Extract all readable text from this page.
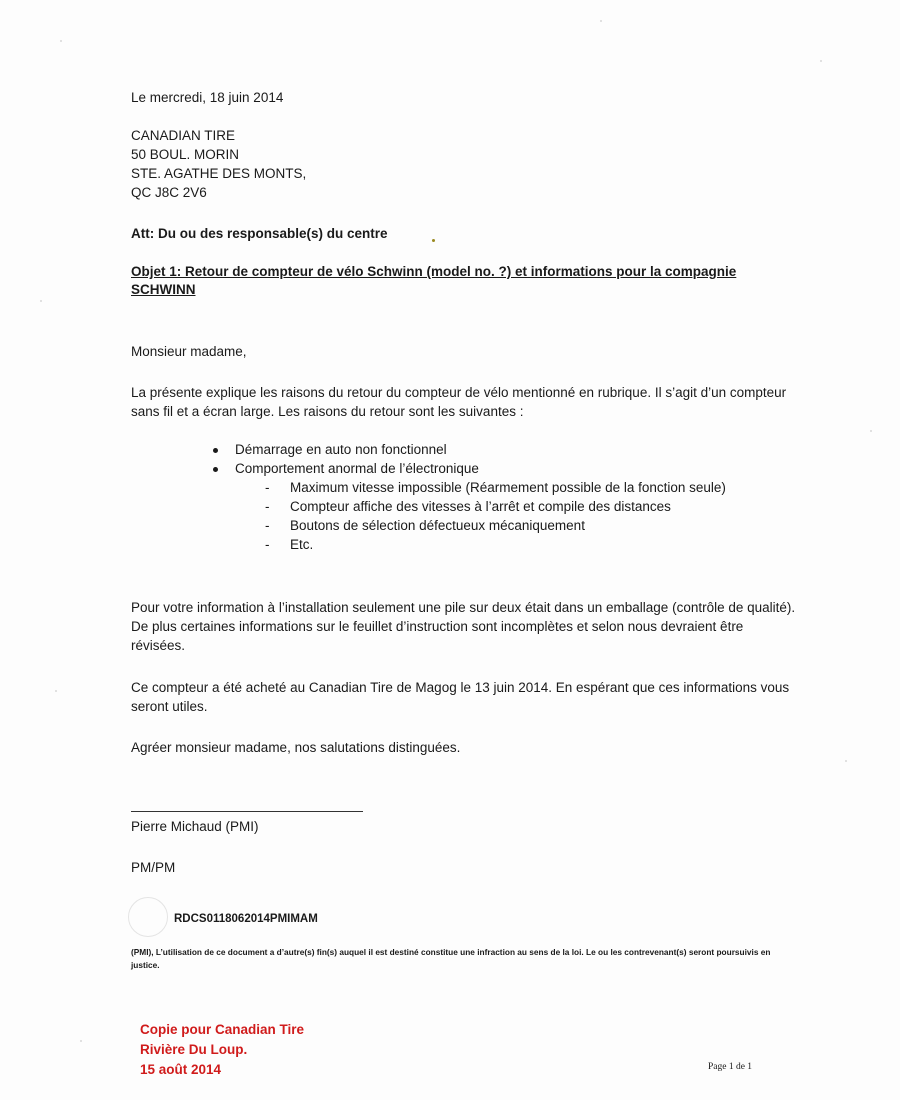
Le mercredi, 18 juin 2014

CANADIAN TIRE
50 BOUL. MORIN
STE. AGATHE DES MONTS,
QC J8C 2V6

Att: Du ou des responsable(s) du centre

Objet 1: Retour de compteur de vélo Schwinn (model no. ?) et informations pour la compagnie SCHWINN

Monsieur madame,

La présente explique les raisons du retour du compteur de vélo mentionné en rubrique. Il s’agit d’un compteur sans fil et a écran large. Les raisons du retour sont les suivantes :

Démarrage en auto non fonctionnel
Comportement anormal de l’électronique
- Maximum vitesse impossible (Réarmement possible de la fonction seule)
- Compteur affiche des vitesses à l’arrêt et compile des distances
- Boutons de sélection défectueux mécaniquement
- Etc.

Pour votre information à l’installation seulement une pile sur deux était dans un emballage (contrôle de qualité). De plus certaines informations sur le feuillet d’instruction sont incomplètes et selon nous devraient être révisées.

Ce compteur a été acheté au Canadian Tire de Magog le 13 juin 2014. En espérant que ces informations vous seront utiles.

Agréer monsieur madame, nos salutations distinguées.

Pierre Michaud (PMI)

PM/PM

RDCS0118062014PMIMAM

(PMI), L’utilisation de ce document a d’autre(s) fin(s) auquel il est destiné constitue une infraction au sens de la loi. Le ou les contrevenant(s) seront poursuivis en justice.

Copie pour Canadian Tire
Rivière Du Loup.
15 août 2014	Page 1 de 1
